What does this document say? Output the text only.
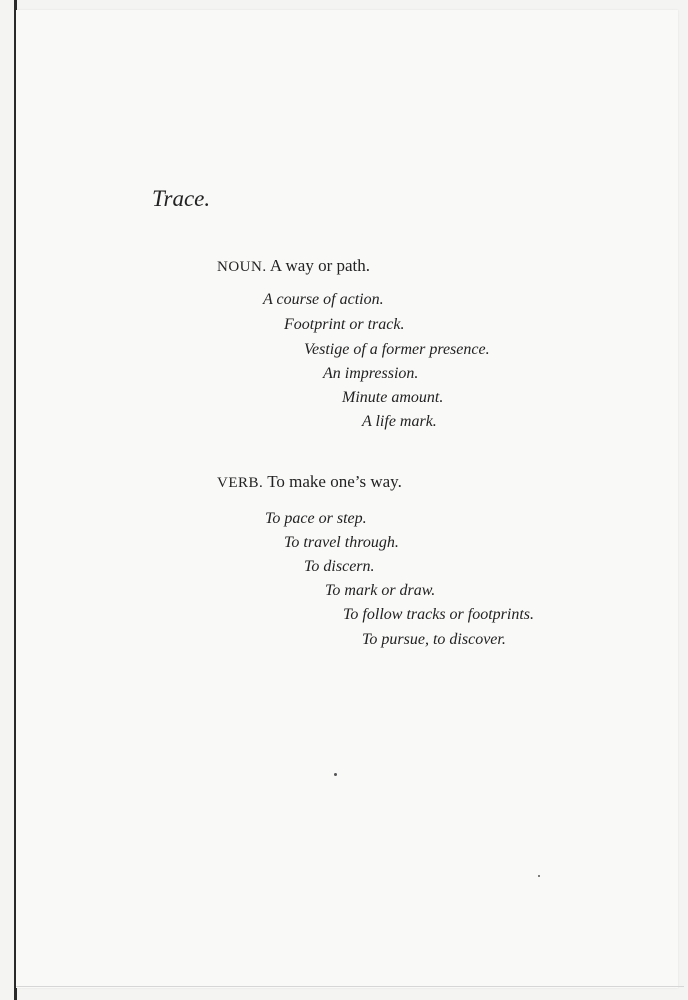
Trace.
NOUN. A way or path.
A course of action.
Footprint or track.
Vestige of a former presence.
An impression.
Minute amount.
A life mark.
VERB. To make one’s way.
To pace or step.
To travel through.
To discern.
To mark or draw.
To follow tracks or footprints.
To pursue, to discover.
